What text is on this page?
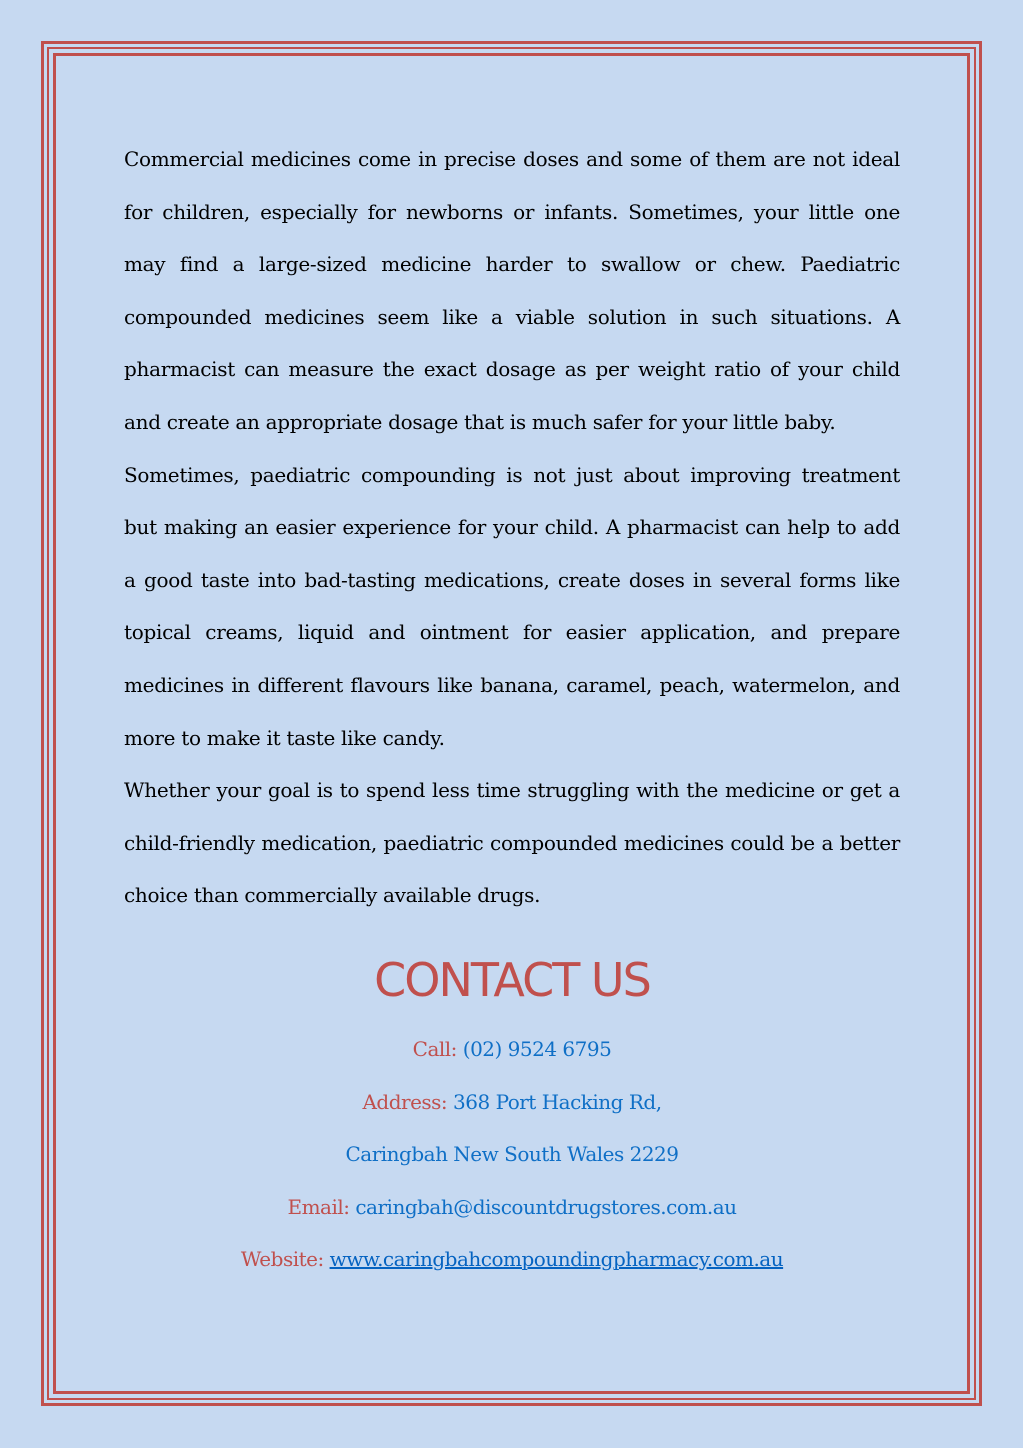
Commercial medicines come in precise doses and some of them are not ideal for children, especially for newborns or infants. Sometimes, your little one may find a large-sized medicine harder to swallow or chew. Paediatric compounded medicines seem like a viable solution in such situations. A pharmacist can measure the exact dosage as per weight ratio of your child and create an appropriate dosage that is much safer for your little baby.

Sometimes, paediatric compounding is not just about improving treatment but making an easier experience for your child. A pharmacist can help to add a good taste into bad-tasting medications, create doses in several forms like topical creams, liquid and ointment for easier application, and prepare medicines in different flavours like banana, caramel, peach, watermelon, and more to make it taste like candy.

Whether your goal is to spend less time struggling with the medicine or get a child-friendly medication, paediatric compounded medicines could be a better choice than commercially available drugs.

CONTACT US
Call: (02) 9524 6795
Address: 368 Port Hacking Rd,
Caringbah New South Wales 2229
Email: caringbah@discountdrugstores.com.au
Website: www.caringbahcompoundingpharmacy.com.au
